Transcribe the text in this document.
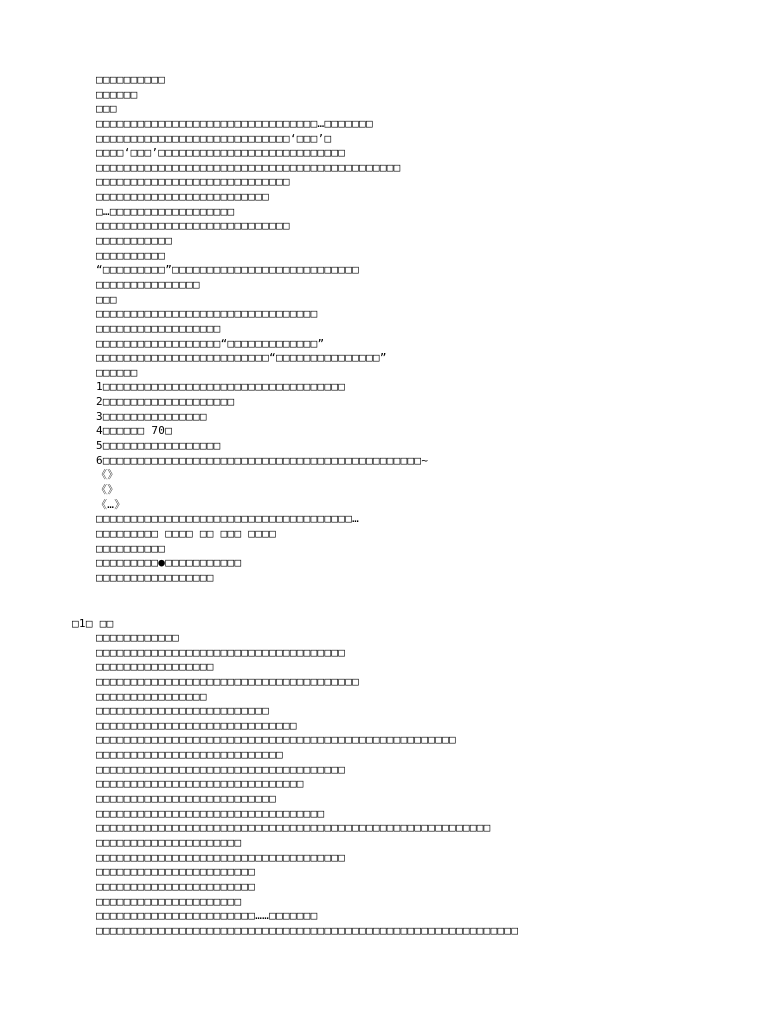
□□□□□□□□□□
□□□□□□
□□□
□□□□□□□□□□□□□□□□□□□□□□□□□□□□□□□□…□□□□□□□
□□□□□□□□□□□□□□□□□□□□□□□□□□□□‘□□□’□
□□□□‘□□□’□□□□□□□□□□□□□□□□□□□□□□□□□□□
□□□□□□□□□□□□□□□□□□□□□□□□□□□□□□□□□□□□□□□□□□□□
□□□□□□□□□□□□□□□□□□□□□□□□□□□□
□□□□□□□□□□□□□□□□□□□□□□□□□
□…□□□□□□□□□□□□□□□□□□
□□□□□□□□□□□□□□□□□□□□□□□□□□□□
□□□□□□□□□□□
□□□□□□□□□□
“□□□□□□□□□”□□□□□□□□□□□□□□□□□□□□□□□□□□□
□□□□□□□□□□□□□□□
□□□
□□□□□□□□□□□□□□□□□□□□□□□□□□□□□□□□
□□□□□□□□□□□□□□□□□□
□□□□□□□□□□□□□□□□□□“□□□□□□□□□□□□□”
□□□□□□□□□□□□□□□□□□□□□□□□□“□□□□□□□□□□□□□□□”
□□□□□□
1□□□□□□□□□□□□□□□□□□□□□□□□□□□□□□□□□□□
2□□□□□□□□□□□□□□□□□□□
3□□□□□□□□□□□□□□□
4□□□□□□ 70□
5□□□□□□□□□□□□□□□□□
6□□□□□□□□□□□□□□□□□□□□□□□□□□□□□□□□□□□□□□□□□□□□□□~
《》
《》
《…》
□□□□□□□□□□□□□□□□□□□□□□□□□□□□□□□□□□□□□…
□□□□□□□□□ □□□□ □□ □□□ □□□□
□□□□□□□□□□
□□□□□□□□□●□□□□□□□□□□□
□□□□□□□□□□□□□□□□□
□1□ □□
□□□□□□□□□□□□
□□□□□□□□□□□□□□□□□□□□□□□□□□□□□□□□□□□□
□□□□□□□□□□□□□□□□□
□□□□□□□□□□□□□□□□□□□□□□□□□□□□□□□□□□□□□□
□□□□□□□□□□□□□□□□
□□□□□□□□□□□□□□□□□□□□□□□□□
□□□□□□□□□□□□□□□□□□□□□□□□□□□□□
□□□□□□□□□□□□□□□□□□□□□□□□□□□□□□□□□□□□□□□□□□□□□□□□□□□□
□□□□□□□□□□□□□□□□□□□□□□□□□□□
□□□□□□□□□□□□□□□□□□□□□□□□□□□□□□□□□□□□
□□□□□□□□□□□□□□□□□□□□□□□□□□□□□□
□□□□□□□□□□□□□□□□□□□□□□□□□□
□□□□□□□□□□□□□□□□□□□□□□□□□□□□□□□□□
□□□□□□□□□□□□□□□□□□□□□□□□□□□□□□□□□□□□□□□□□□□□□□□□□□□□□□□□□
□□□□□□□□□□□□□□□□□□□□□
□□□□□□□□□□□□□□□□□□□□□□□□□□□□□□□□□□□□
□□□□□□□□□□□□□□□□□□□□□□□
□□□□□□□□□□□□□□□□□□□□□□□
□□□□□□□□□□□□□□□□□□□□□
□□□□□□□□□□□□□□□□□□□□□□□……□□□□□□□
□□□□□□□□□□□□□□□□□□□□□□□□□□□□□□□□□□□□□□□□□□□□□□□□□□□□□□□□□□□□□
